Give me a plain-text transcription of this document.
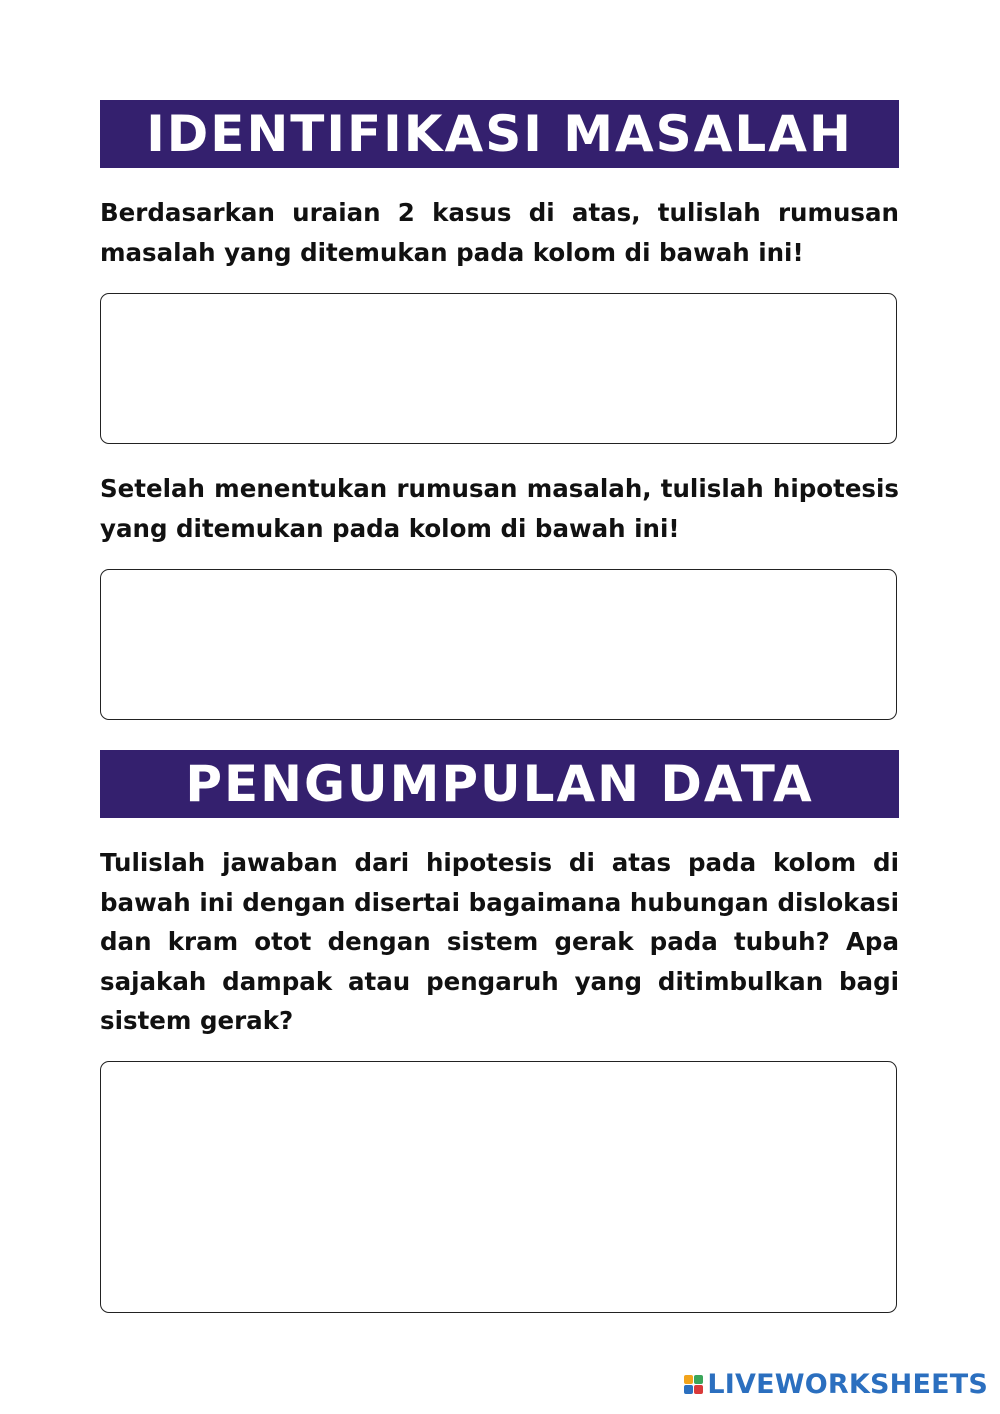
IDENTIFIKASI MASALAH

Berdasarkan uraian 2 kasus di atas, tulislah rumusan masalah yang ditemukan pada kolom di bawah ini!

Setelah menentukan rumusan masalah, tulislah hipotesis yang ditemukan pada kolom di bawah ini!

PENGUMPULAN DATA

Tulislah jawaban dari hipotesis di atas pada kolom di bawah ini dengan disertai bagaimana hubungan dislokasi dan kram otot dengan sistem gerak pada tubuh? Apa sajakah dampak atau pengaruh yang ditimbulkan bagi sistem gerak?

LIVEWORKSHEETS
